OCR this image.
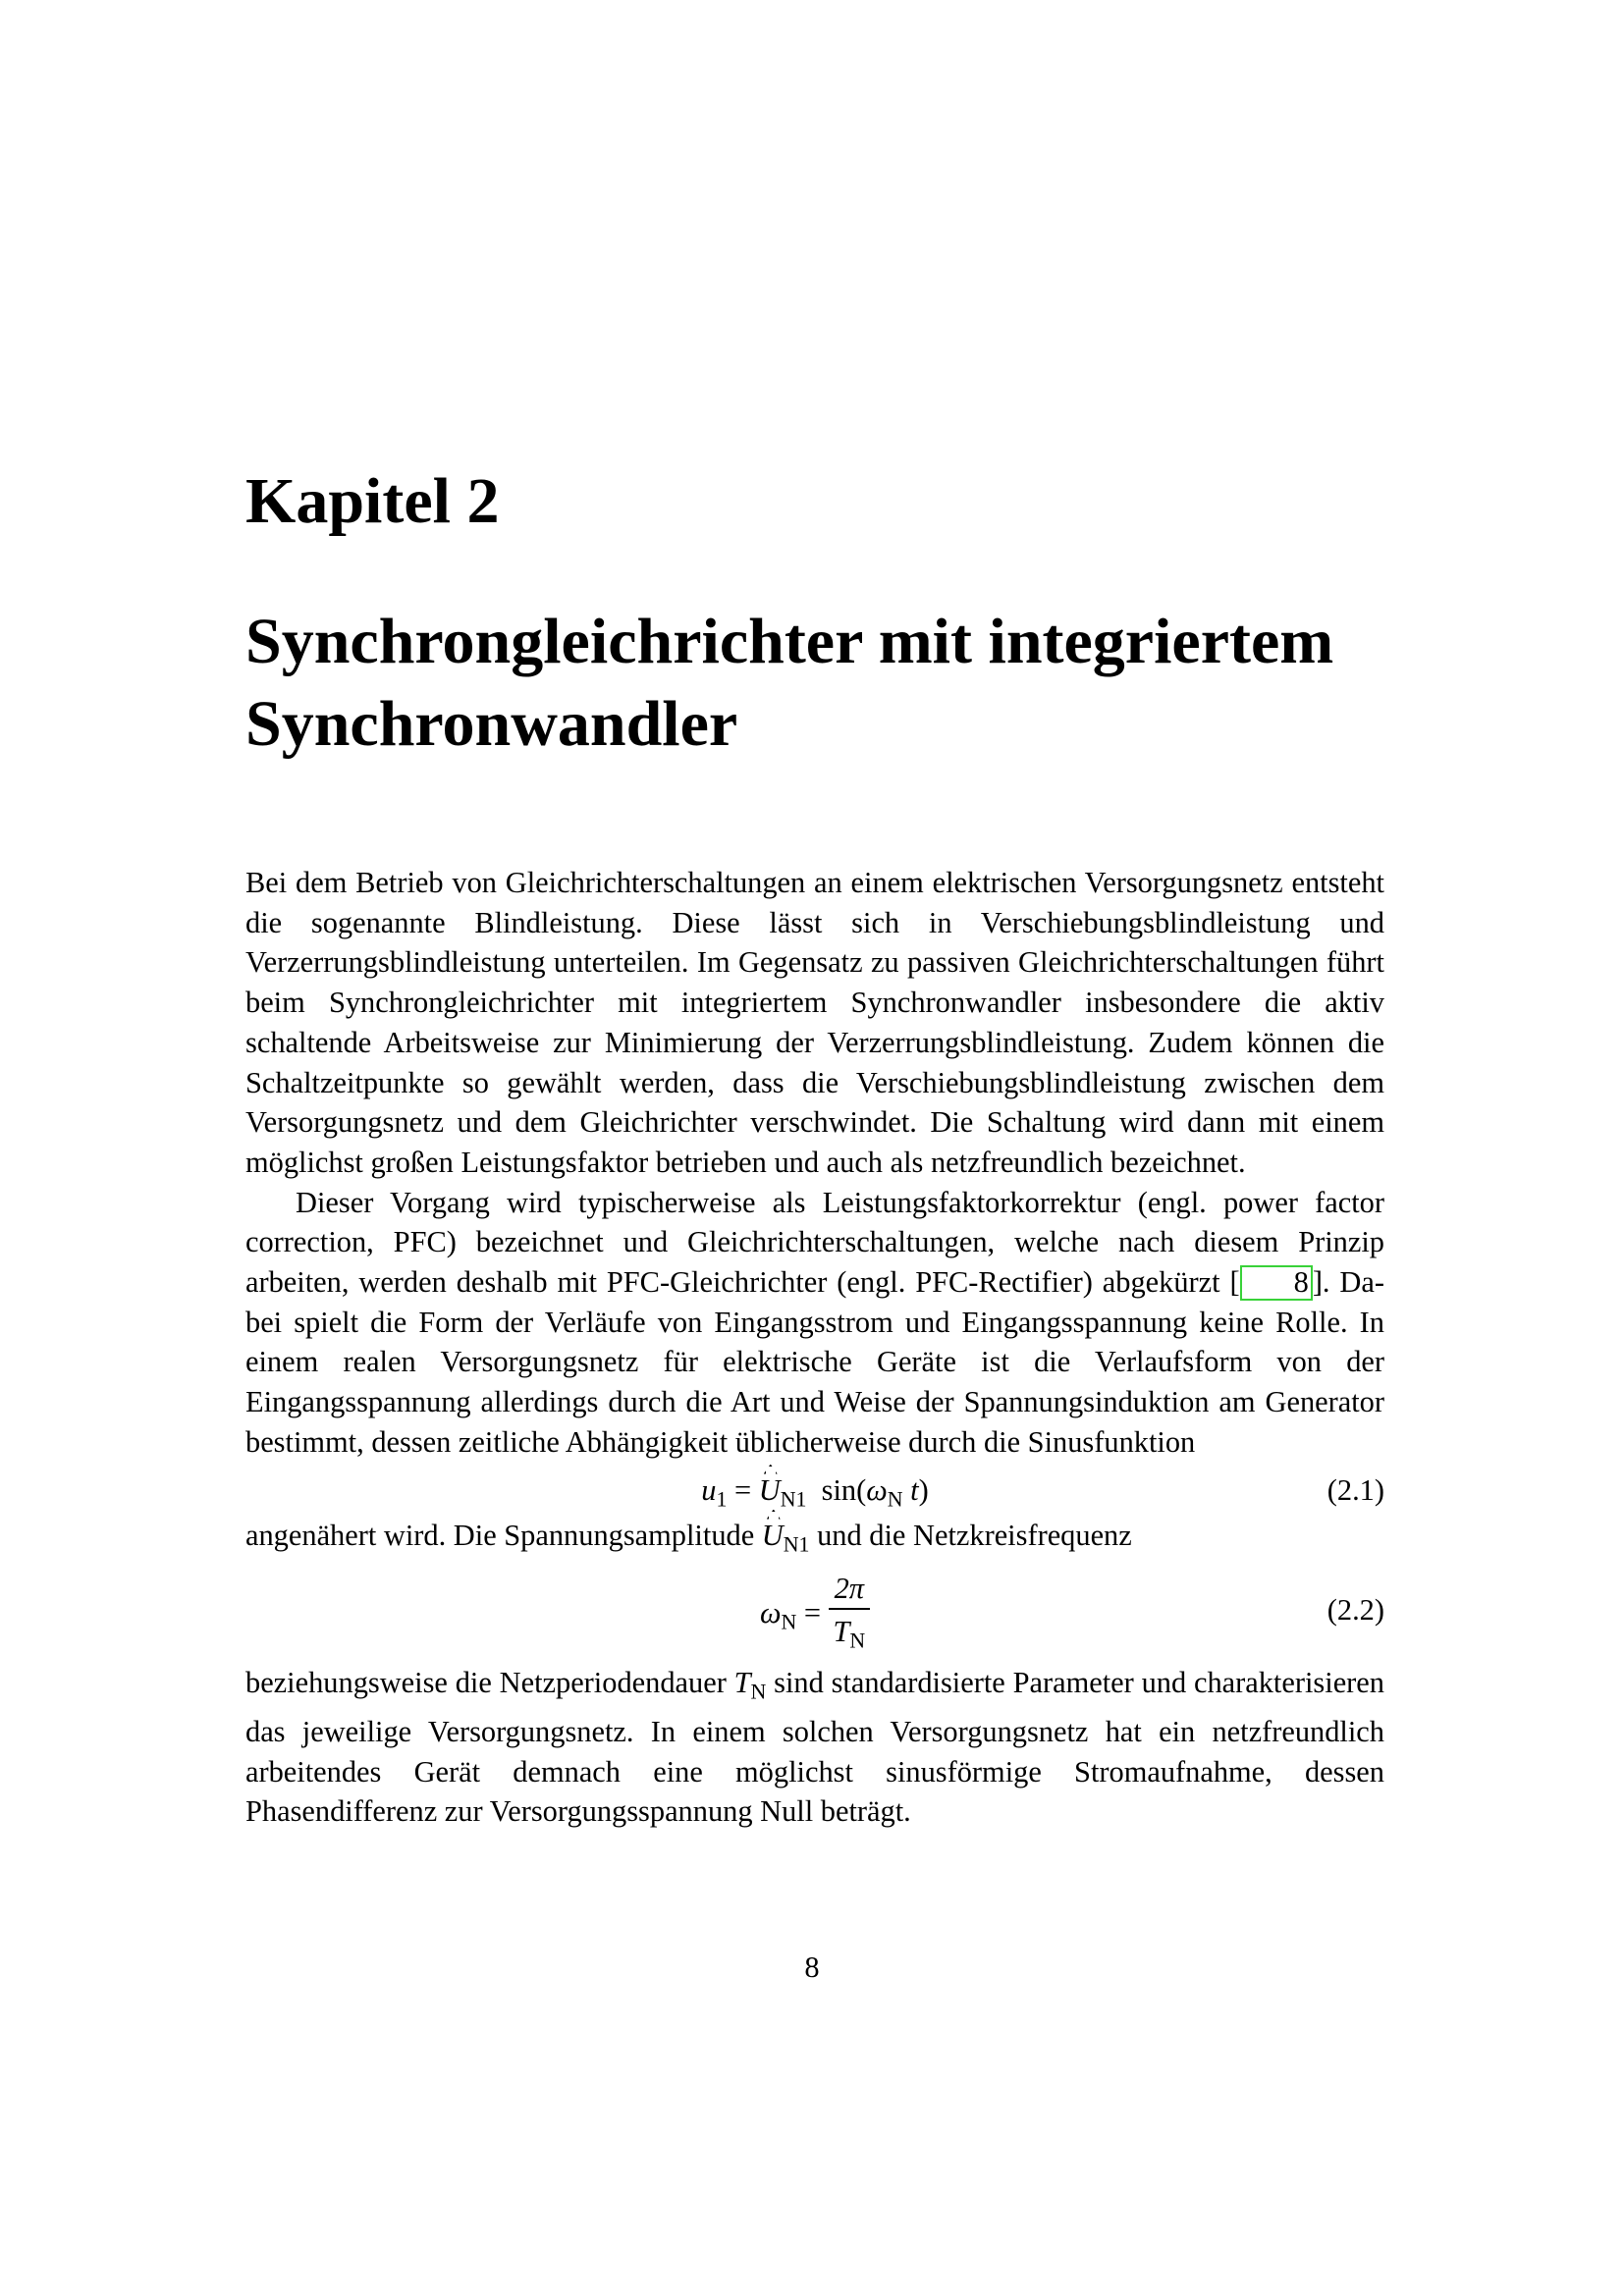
Kapitel 2
Synchrongleichrichter mit integriertem
Synchronwandler

Bei dem Betrieb von Gleichrichterschaltungen an einem elektrischen Versorgungsnetz entsteht die sogenannte Blindleistung. Diese lässt sich in Verschiebungsblindleistung und Verzerrungsblindleistung unterteilen. Im Gegensatz zu passiven Gleichrichterschaltungen führt beim Synchrongleichrichter mit integriertem Synchronwandler insbesondere die aktiv schaltende Arbeitsweise zur Minimierung der Verzerrungsblindleistung. Zudem können die Schaltzeitpunkte so gewählt werden, dass die Verschiebungsblindleistung zwischen dem Versorgungsnetz und dem Gleichrichter verschwindet. Die Schaltung wird dann mit einem möglichst großen Leistungsfaktor betrieben und auch als netzfreundlich bezeichnet.

Dieser Vorgang wird typischerweise als Leistungsfaktorkorrektur (engl. power factor correction, PFC) bezeichnet und Gleichrichterschaltungen, welche nach diesem Prinzip arbeiten, werden deshalb mit PFC-Gleichrichter (engl. PFC-Rectifier) abgekürzt [ 8 ]. Dabei spielt die Form der Verläufe von Eingangsstrom und Eingangsspannung keine Rolle. In einem realen Versorgungsnetz für elektrische Geräte ist die Verlaufsform von der Eingangsspannung allerdings durch die Art und Weise der Spannungsinduktion am Generator bestimmt, dessen zeitliche Abhängigkeit üblicherweise durch die Sinusfunktion

$u_1 = U_{N1}$ $\sin(\omega_N$ t)	(2.1)

angenähert wird. Die Spannungsamplitude $U_{N1}$ und die Netzkreisfrequenz

$\omega_N = \frac{2\pi}{T_N}$	(2.2)

beziehungsweise die Netzperiodendauer $T_N$ sind standardisierte Parameter und charakterisieren das jeweilige Versorgungsnetz. In einem solchen Versorgungsnetz hat ein netzfreundlich arbeitendes Gerät demnach eine möglichst sinusförmige Stromaufnahme, dessen Phasendifferenz zur Versorgungsspannung Null beträgt.

8
